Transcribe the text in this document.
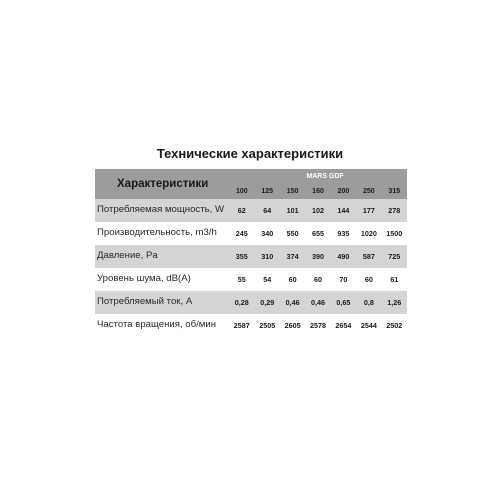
Технические характеристики
Характеристики	MARS GDF						
	100	125	150	160	200	250	315
Потребляемая мощность, W	62	64	101	102	144	177	278
Производительность, m3/h	245	340	550	655	935	1020	1500
Давление, Pa	355	310	374	390	490	587	725
Уровень шума, dB(A)	55	54	60	60	70	60	61
Потребляемый ток, A	0,28	0,29	0,46	0,46	0,65	0,8	1,26
Частота вращения, об/мин	2587	2505	2605	2578	2654	2544	2502
